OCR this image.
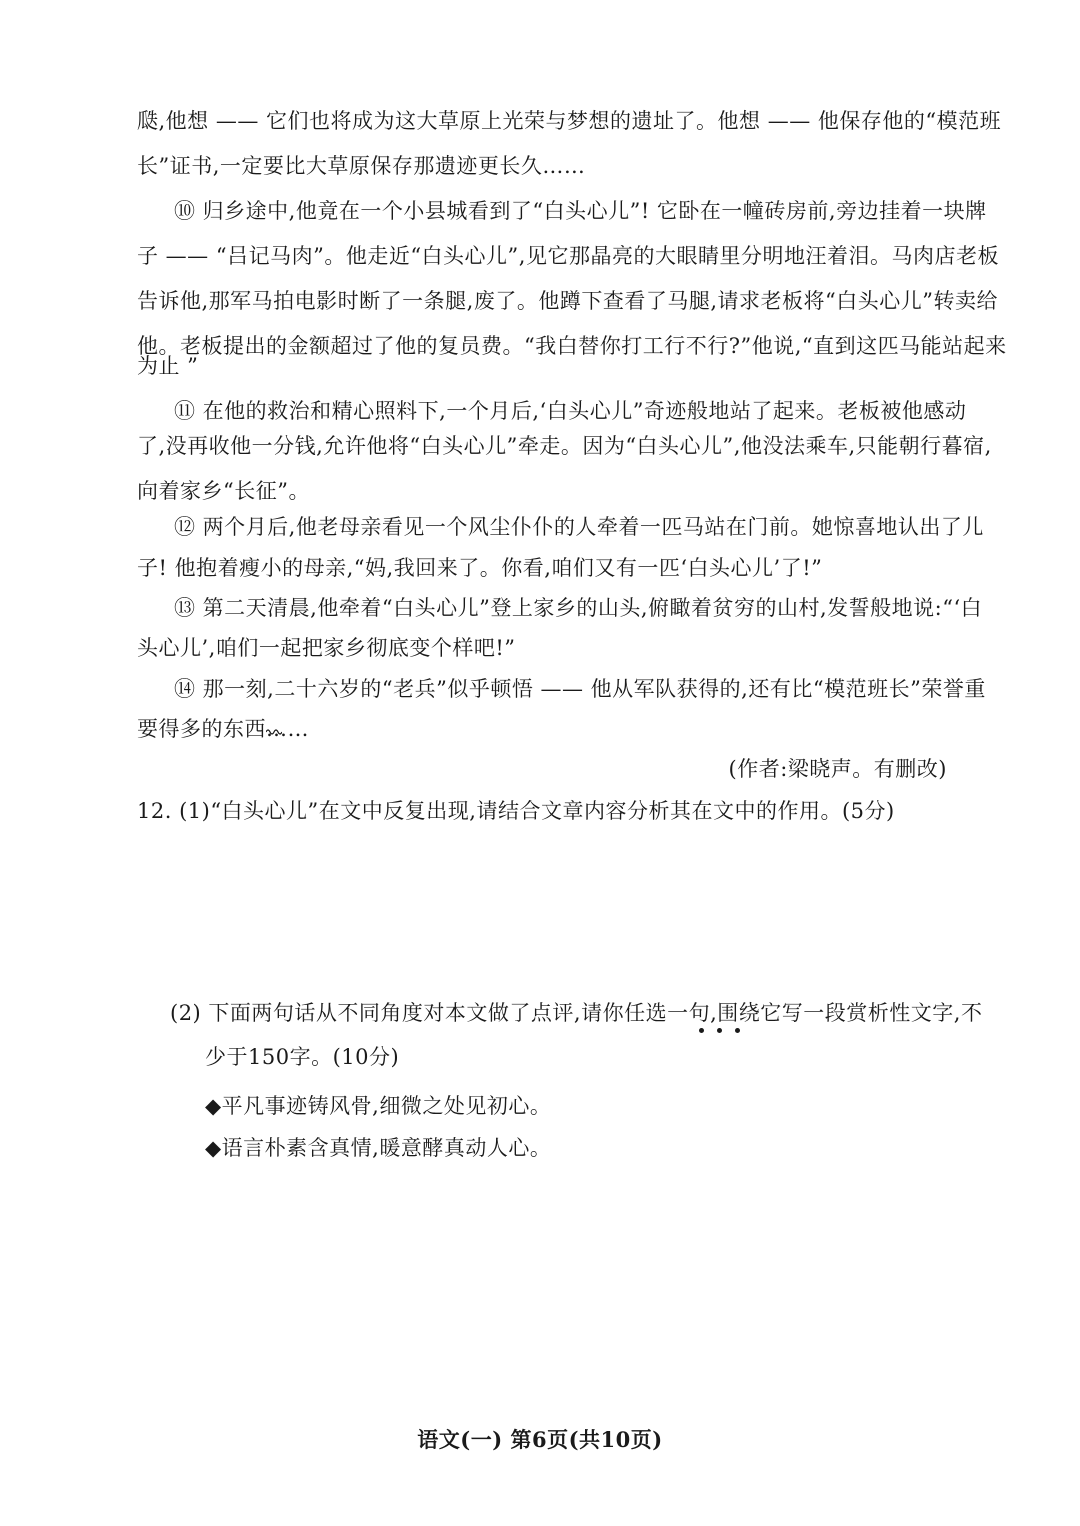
瓞,他想 —— 它们也将成为这大草原上光荣与梦想的遗址了。他想 —— 他保存他的“模范班
长”证书,一定要比大草原保存那遗迹更长久……
⑩ 归乡途中,他竟在一个小县城看到了“白头心儿”! 它卧在一幢砖房前,旁边挂着一块牌
子 —— “吕记马肉”。他走近“白头心儿”,见它那晶亮的大眼睛里分明地汪着泪。马肉店老板
告诉他,那军马拍电影时断了一条腿,废了。他蹲下查看了马腿,请求老板将“白头心儿”转卖给
他。老板提出的金额超过了他的复员费。“我白替你打工行不行?”他说,“直到这匹马能站起来
为止 ”
⑪ 在他的救治和精心照料下,一个月后,‘白头心儿”奇迹般地站了起来。老板被他感动
了,没再收他一分钱,允许他将“白头心儿”牵走。因为“白头心儿”,他没法乘车,只能朝行暮宿,
向着家乡“长征”。
⑫ 两个月后,他老母亲看见一个风尘仆仆的人牵着一匹马站在门前。她惊喜地认出了儿
子! 他抱着瘦小的母亲,“妈,我回来了。你看,咱们又有一匹‘白头心儿’了!”
⑬ 第二天清晨,他牵着“白头心儿”登上家乡的山头,俯瞰着贫穷的山村,发誓般地说:“‘白
头心儿’,咱们一起把家乡彻底变个样吧!”
⑭ 那一刻,二十六岁的“老兵”似乎顿悟 —— 他从军队获得的,还有比“模范班长”荣誉重
要得多的东西……
(作者:梁晓声。有删改)
12. (1)“白头心儿”在文中反复出现,请结合文章内容分析其在文中的作用。(5分)
(2) 下面两句话从不同角度对本文做了点评,请你任选一句,围绕它写一段赏析性文字,不
少于150字。(10分)
◆平凡事迹铸风骨,细微之处见初心。
◆语言朴素含真情,暖意酵真动人心。
语文(一) 第6页(共10页)
